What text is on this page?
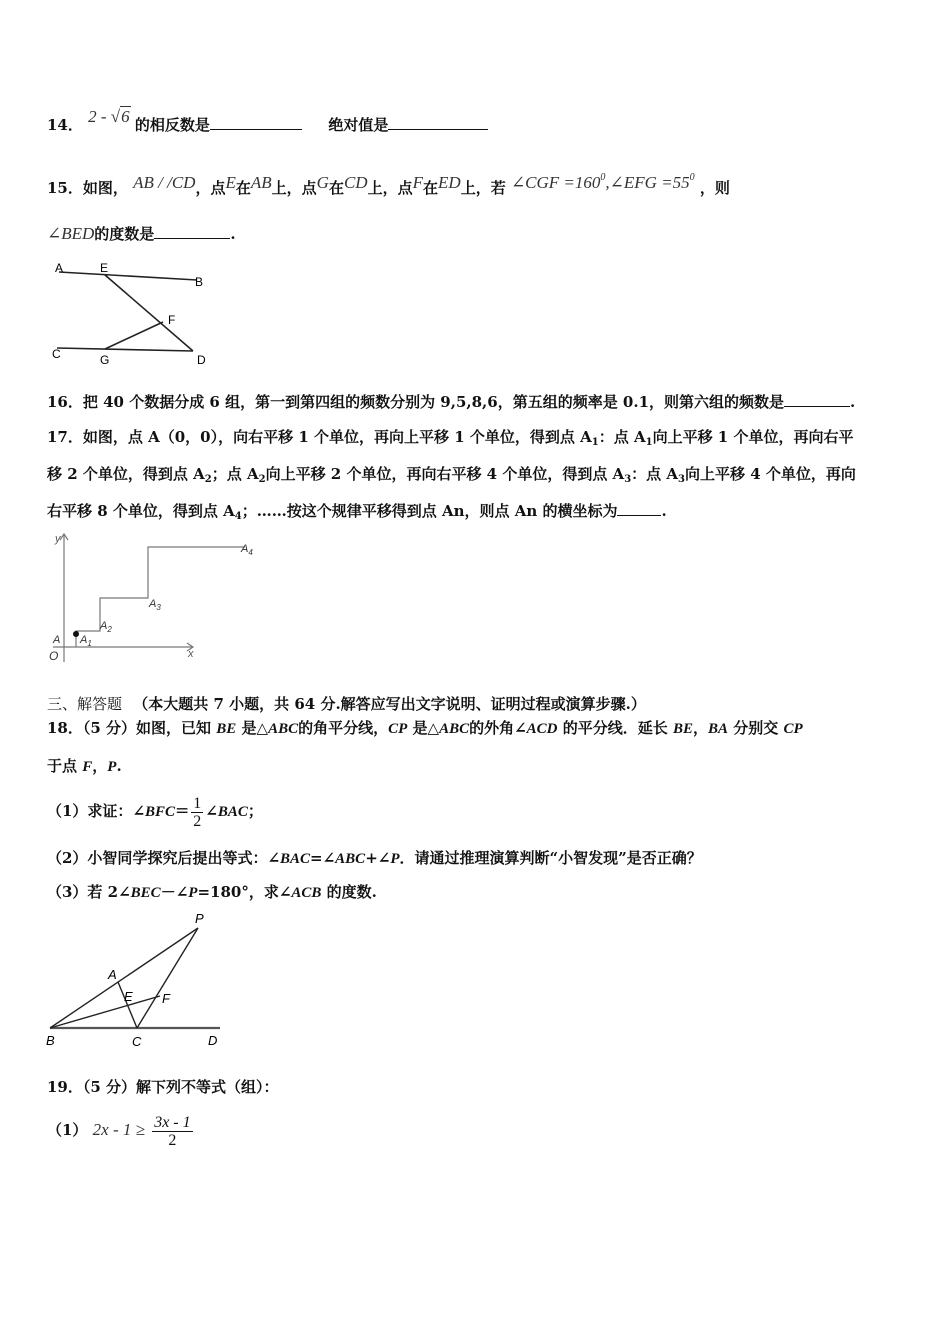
14． 2 - √6 的相反数是	绝对值是
15．如图， AB / /CD，点E在AB上，点G在CD上，点F在ED上，若 ∠CGF $=160^0,\angle EFG =55^0$ ，则
∠BED的度数是	.
A	E
B
F
C	G	D
16．把 40 个数据分成 6 组，第一到第四组的频数分别为 9,5,8,6，第五组的频率是 0.1，则第六组的频数是	.
17．如图，点 A（0，0），向右平移 1 个单位，再向上平移 1 个单位，得到点 $A_1$：点 $A_1$向上平移 1 个单位，再向右平
移 2 个单位，得到点 $A_2$；点 $A_2$向上平移 2 个单位，再向右平移 4 个单位，得到点 $A_3$：点 $A_3$向上平移 4 个单位，再向
右平移 8 个单位，得到点 $A_4$；……按这个规律平移得到点 An，则点 An 的横坐标为	.
y
x
O
A $A_1$
$A_2$
$A_3$
$A_4$
三、解答题 （本大题共 7 小题，共 64 分.解答应写出文字说明、证明过程或演算步骤.）
18．（5 分）如图，已知 BE 是△ABC的角平分线，CP 是△ABC的外角∠ACD 的平分线．延长 BE，BA 分别交 CP
于点 F，P.
（1）求证：∠BFC= $\frac{1}{2}$ ∠BAC；
（2）小智同学探究后提出等式：∠BAC=∠ABC+∠P．请通过推理演算判断“小智发现”是否正确？
（3）若 2∠BEC－∠P=180°，求∠ACB 的度数.
P
A
E F
B	C	D
19．（5 分）解下列不等式（组）：
（1） $2x - 1 \ge \frac{3x - 1}{2}$
